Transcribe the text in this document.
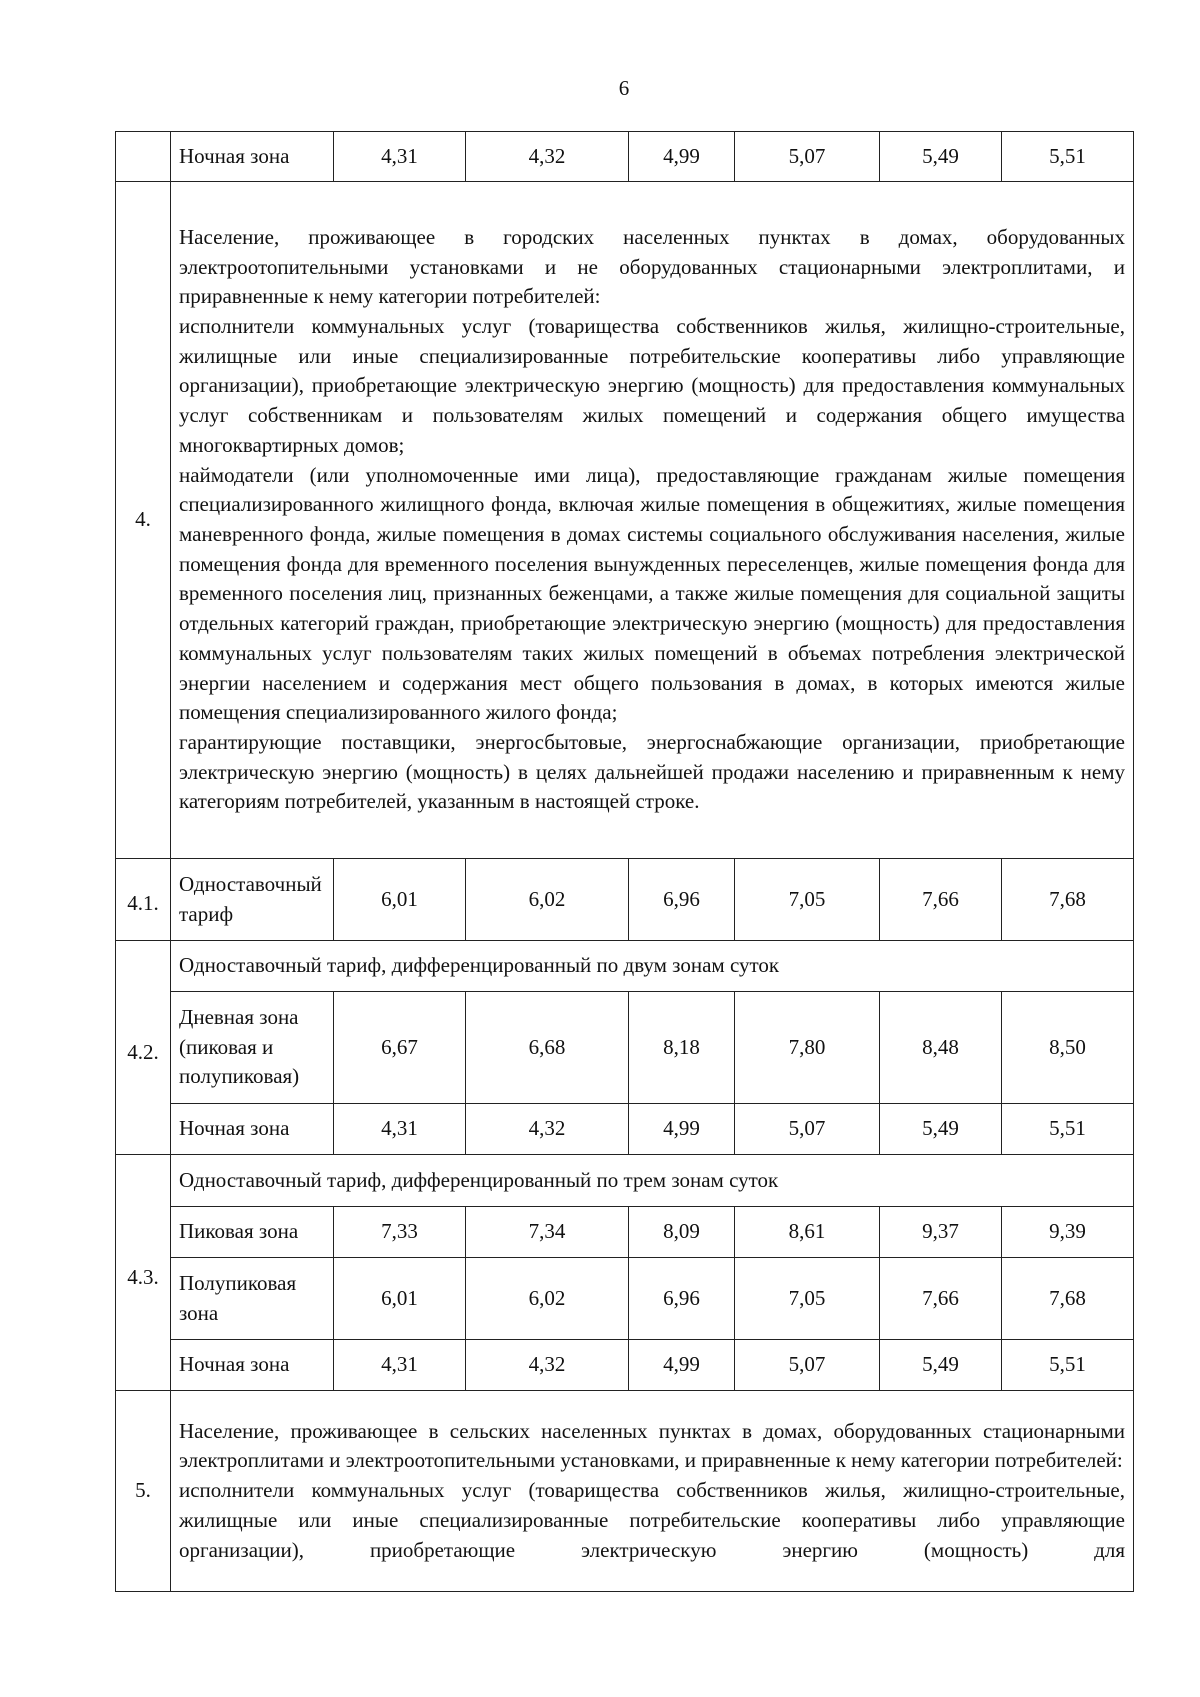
6
	Ночная зона	4,31	4,32	4,99	5,07	5,49	5,51
4.	Население, проживающее в городских населенных пунктах в домах, оборудованных электроотопительными установками и не оборудованных стационарными электроплитами, и приравненные к нему категории потребителей:
исполнители коммунальных услуг (товарищества собственников жилья, жилищно-строительные, жилищные или иные специализированные потребительские кооперативы либо управляющие организации), приобретающие электрическую энергию (мощность) для предоставления коммунальных услуг собственникам и пользователям жилых помещений и содержания общего имущества многоквартирных домов;
наймодатели (или уполномоченные ими лица), предоставляющие гражданам жилые помещения специализированного жилищного фонда, включая жилые помещения в общежитиях, жилые помещения маневренного фонда, жилые помещения в домах системы социального обслуживания населения, жилые помещения фонда для временного поселения вынужденных переселенцев, жилые помещения фонда для временного поселения лиц, признанных беженцами, а также жилые помещения для социальной защиты отдельных категорий граждан, приобретающие электрическую энергию (мощность) для предоставления коммунальных услуг пользователям таких жилых помещений в объемах потребления электрической энергии населением и содержания мест общего пользования в домах, в которых имеются жилые помещения специализированного жилого фонда;
гарантирующие поставщики, энергосбытовые, энергоснабжающие организации, приобретающие электрическую энергию (мощность) в целях дальнейшей продажи населению и приравненным к нему категориям потребителей, указанным в настоящей строке.						

4.1.	Одноставочный тариф	6,01	6,02	6,96	7,05	7,66	7,68
4.2.	Одноставочный тариф, дифференцированный по двум зонам суток						
	Дневная зона (пиковая и полупиковая)	6,67	6,68	8,18	7,80	8,48	8,50
	Ночная зона	4,31	4,32	4,99	5,07	5,49	5,51
4.3.	Одноставочный тариф, дифференцированный по трем зонам суток						
	Пиковая зона	7,33	7,34	8,09	8,61	9,37	9,39
	Полупиковая зона	6,01	6,02	6,96	7,05	7,66	7,68
	Ночная зона	4,31	4,32	4,99	5,07	5,49	5,51
5.	Население, проживающее в сельских населенных пунктах в домах, оборудованных стационарными электроплитами и электроотопительными установками, и приравненные к нему категории потребителей:
исполнители коммунальных услуг (товарищества собственников жилья, жилищно-строительные, жилищные или иные специализированные потребительские кооперативы либо управляющие организации), приобретающие электрическую энергию (мощность) для						
